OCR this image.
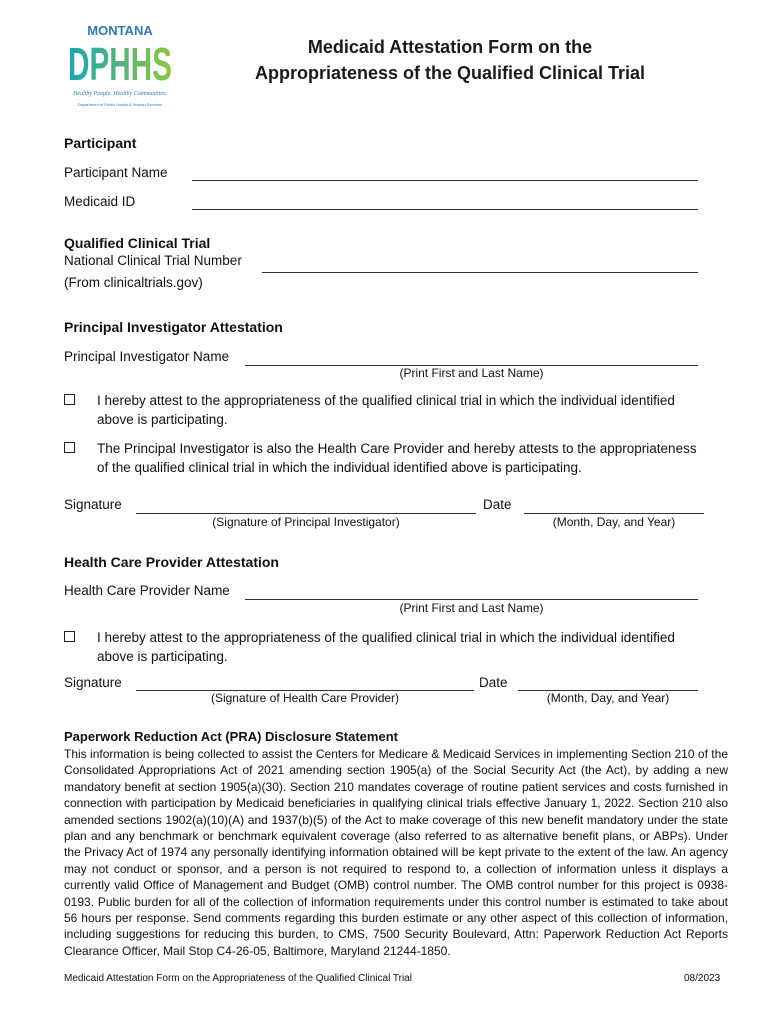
MONTANA
DPHHS
Healthy People. Healthy Communities.
Department of Public Health & Human Services
Medicaid Attestation Form on the
Appropriateness of the Qualified Clinical Trial
Participant
Participant Name
Medicaid ID
Qualified Clinical Trial
National Clinical Trial Number
(From clinicaltrials.gov)
Principal Investigator Attestation
Principal Investigator Name
(Print First and Last Name)
I hereby attest to the appropriateness of the qualified clinical trial in which the individual identified
above is participating.
The Principal Investigator is also the Health Care Provider and hereby attests to the appropriateness
of the qualified clinical trial in which the individual identified above is participating.
Signature
(Signature of Principal Investigator)
Date
(Month, Day, and Year)
Health Care Provider Attestation
Health Care Provider Name
(Print First and Last Name)
I hereby attest to the appropriateness of the qualified clinical trial in which the individual identified
above is participating.
Signature
(Signature of Health Care Provider)
Date
(Month, Day, and Year)
Paperwork Reduction Act (PRA) Disclosure Statement
This information is being collected to assist the Centers for Medicare & Medicaid Services in implementing Section 210 of the Consolidated Appropriations Act of 2021 amending section 1905(a) of the Social Security Act (the Act), by adding a new mandatory benefit at section 1905(a)(30). Section 210 mandates coverage of routine patient services and costs furnished in connection with participation by Medicaid beneficiaries in qualifying clinical trials effective January 1, 2022. Section 210 also amended sections 1902(a)(10)(A) and 1937(b)(5) of the Act to make coverage of this new benefit mandatory under the state plan and any benchmark or benchmark equivalent coverage (also referred to as alternative benefit plans, or ABPs). Under the Privacy Act of 1974 any personally identifying information obtained will be kept private to the extent of the law. An agency may not conduct or sponsor, and a person is not required to respond to, a collection of information unless it displays a currently valid Office of Management and Budget (OMB) control number. The OMB control number for this project is 0938-0193. Public burden for all of the collection of information requirements under this control number is estimated to take about 56 hours per response. Send comments regarding this burden estimate or any other aspect of this collection of information, including suggestions for reducing this burden, to CMS, 7500 Security Boulevard, Attn: Paperwork Reduction Act Reports Clearance Officer, Mail Stop C4-26-05, Baltimore, Maryland 21244-1850.
Medicaid Attestation Form on the Appropriateness of the Qualified Clinical Trial	08/2023
